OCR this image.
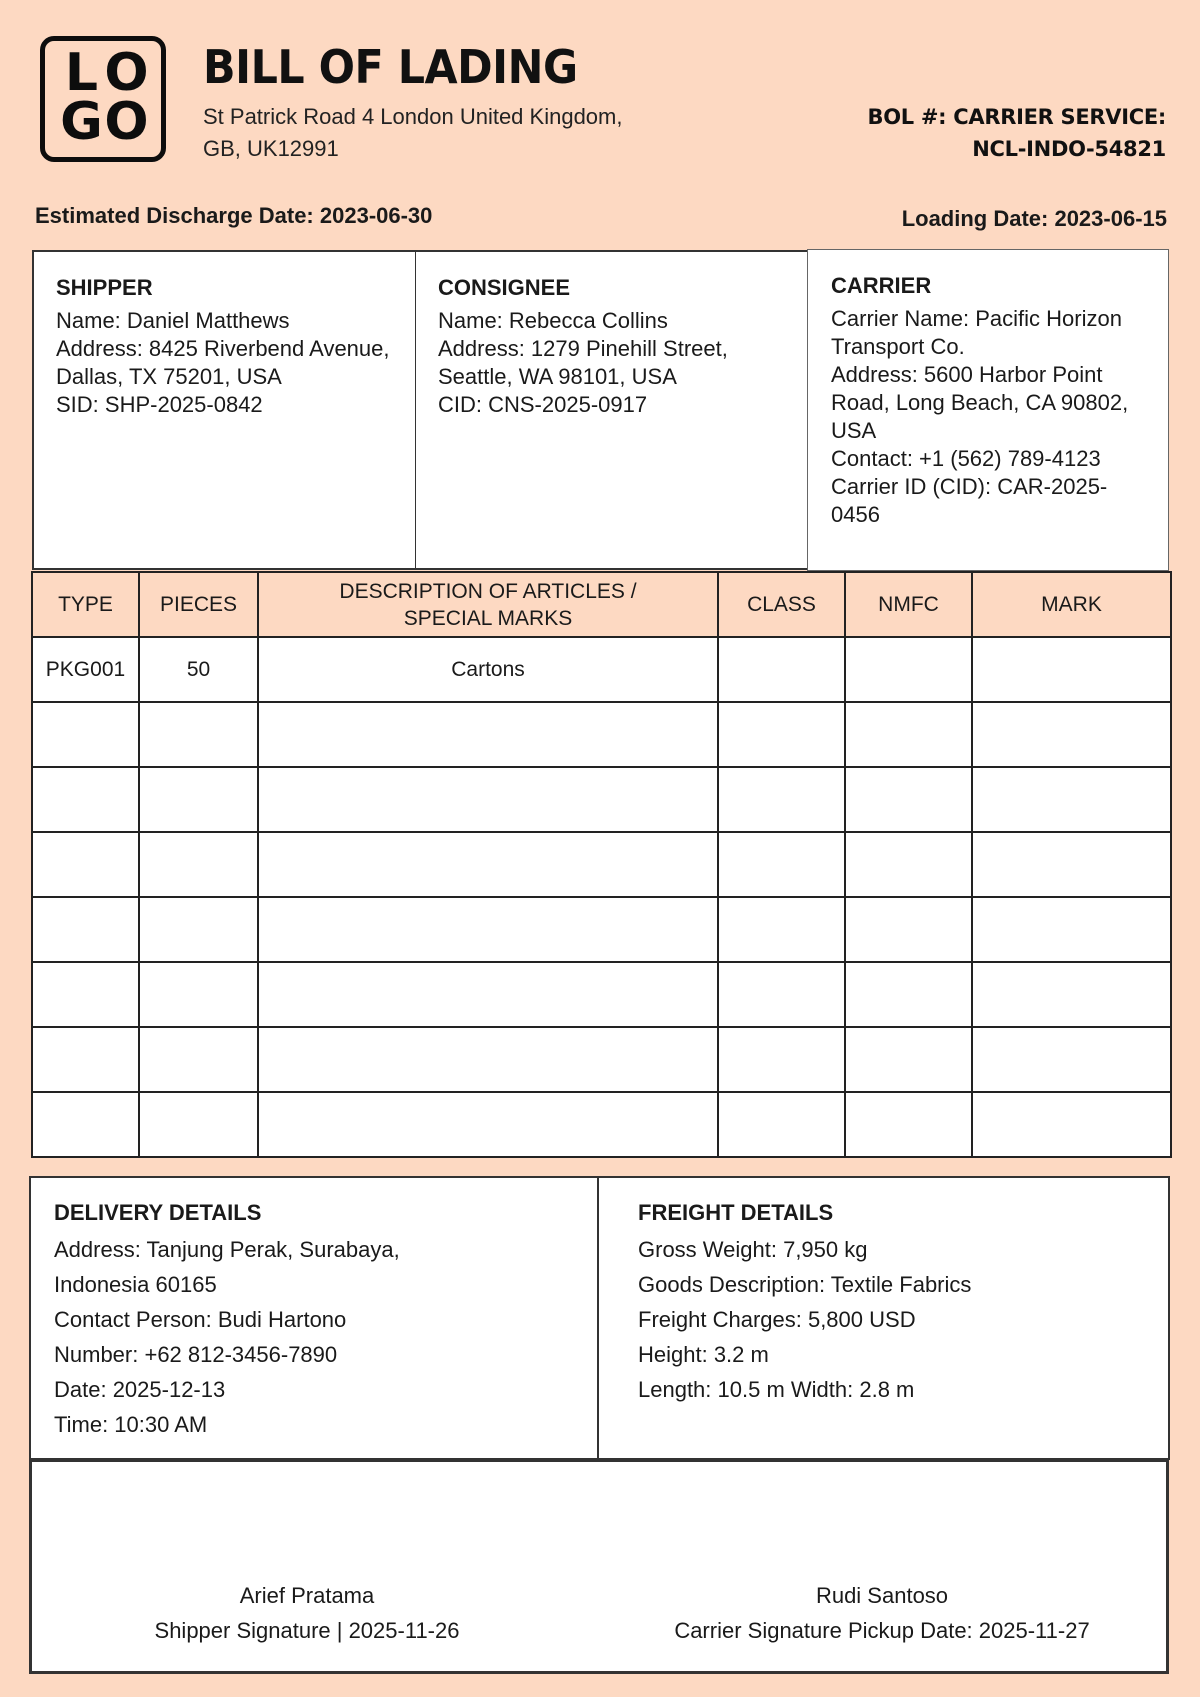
L O
G O
BILL OF LADING
St Patrick Road 4 London United Kingdom,
GB, UK12991
BOL #: CARRIER SERVICE:
NCL-INDO-54821
Estimated Discharge Date: 2023-06-30	Loading Date: 2023-06-15
SHIPPER

Name: Daniel Matthews

Address: 8425 Riverbend Avenue, Dallas, TX 75201, USA

SID: SHP-2025-0842

CONSIGNEE

Name: Rebecca Collins

Address: 1279 Pinehill Street, Seattle, WA 98101, USA

CID: CNS-2025-0917

CARRIER

Carrier Name: Pacific Horizon Transport Co.

Address: 5600 Harbor Point Road, Long Beach, CA 90802, USA

Contact: +1 (562) 789-4123

Carrier ID (CID): CAR-2025-0456

TYPE	PIECES	DESCRIPTION OF ARTICLES / SPECIAL MARKS	CLASS	NMFC	MARK
PKG001	50	Cartons			

DELIVERY DETAILS

Address: Tanjung Perak, Surabaya, Indonesia 60165

Contact Person: Budi Hartono

Number: +62 812-3456-7890

Date: 2025-12-13

Time: 10:30 AM

FREIGHT DETAILS

Gross Weight: 7,950 kg

Goods Description: Textile Fabrics

Freight Charges: 5,800 USD

Height: 3.2 m

Length: 10.5 m Width: 2.8 m

Arief Pratama
Shipper Signature | 2025-11-26
Rudi Santoso
Carrier Signature Pickup Date: 2025-11-27
